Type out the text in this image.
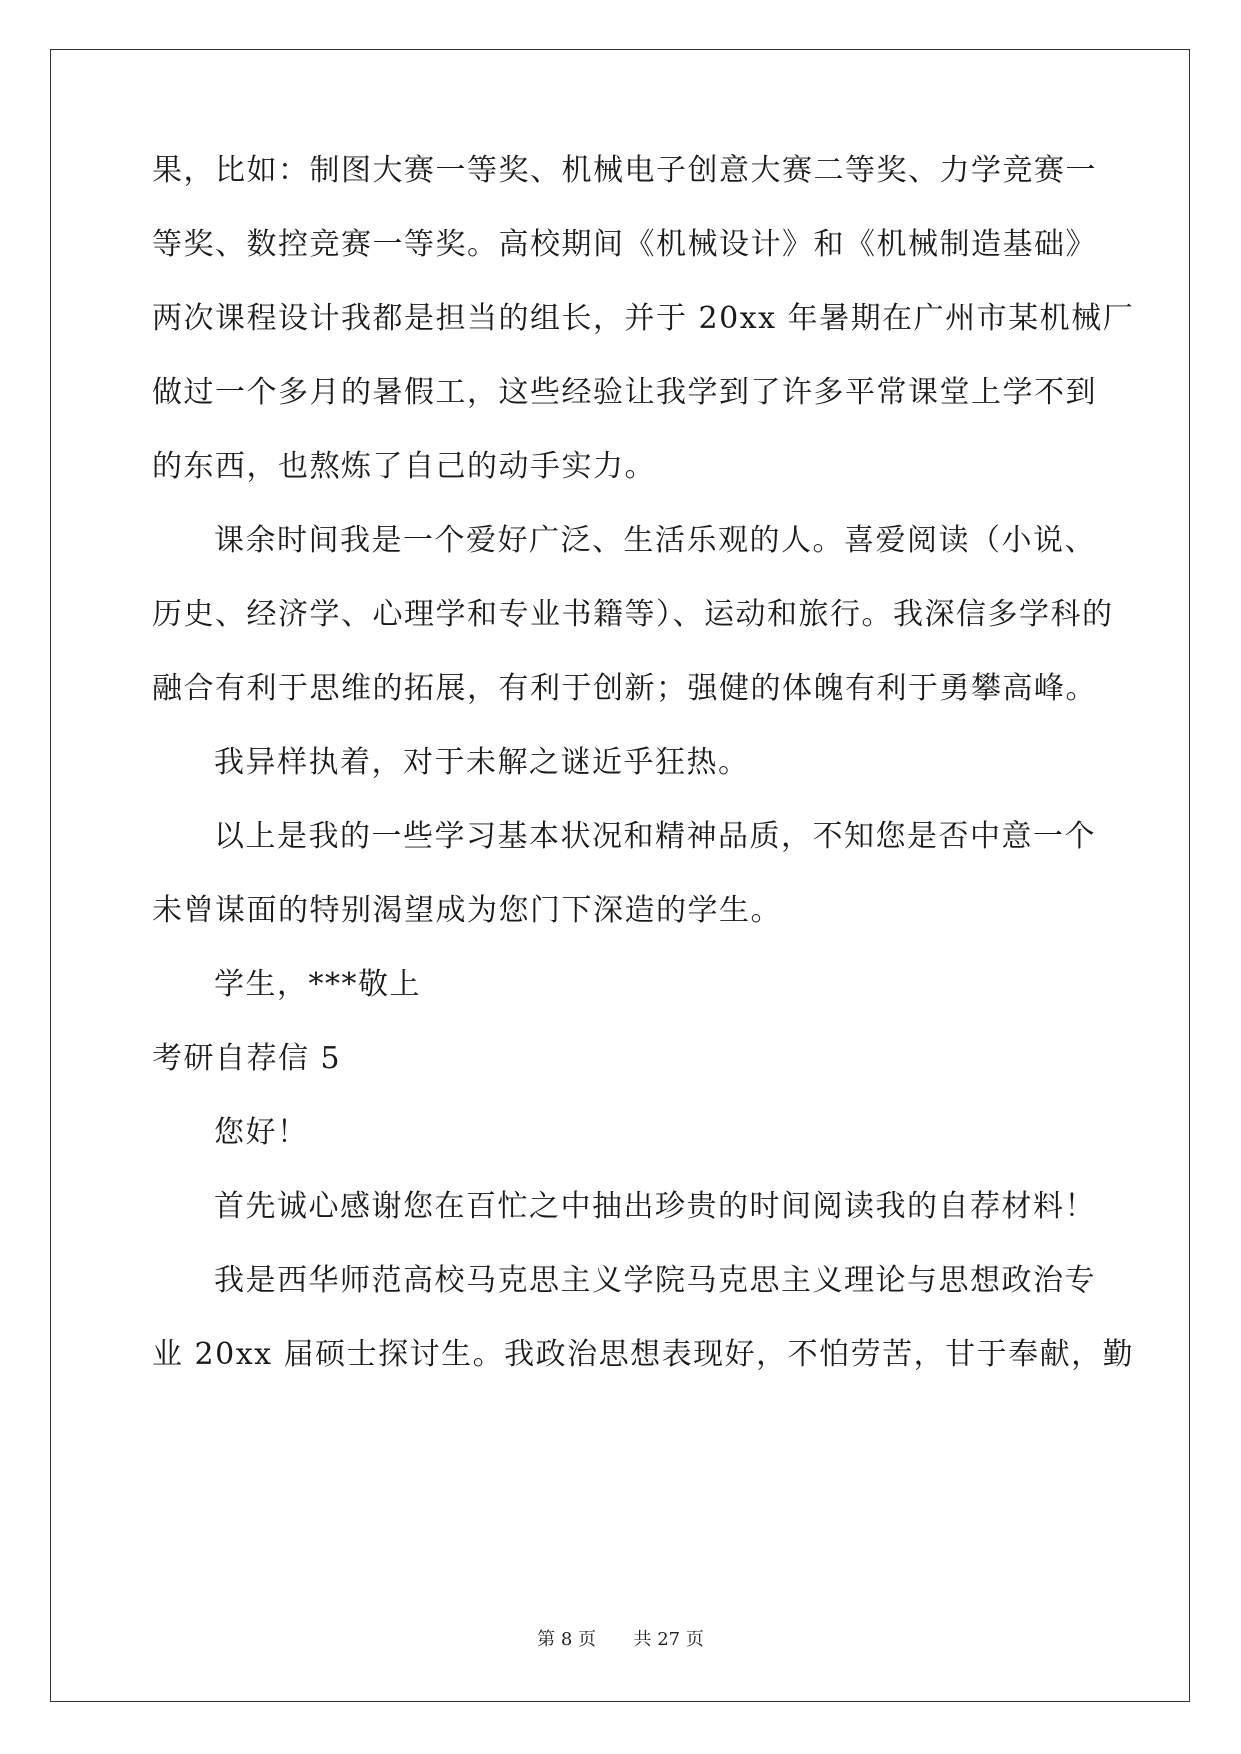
果，比如：制图大赛一等奖、机械电子创意大赛二等奖、力学竞赛一
等奖、数控竞赛一等奖。高校期间《机械设计》和《机械制造基础》
两次课程设计我都是担当的组长，并于 20xx 年暑期在广州市某机械厂
做过一个多月的暑假工，这些经验让我学到了许多平常课堂上学不到
的东西，也熬炼了自己的动手实力。
课余时间我是一个爱好广泛、生活乐观的人。喜爱阅读（小说、
历史、经济学、心理学和专业书籍等）、运动和旅行。我深信多学科的
融合有利于思维的拓展，有利于创新；强健的体魄有利于勇攀高峰。
我异样执着，对于未解之谜近乎狂热。
以上是我的一些学习基本状况和精神品质，不知您是否中意一个
未曾谋面的特别渴望成为您门下深造的学生。
学生，***敬上
考研自荐信 5
您好！
首先诚心感谢您在百忙之中抽出珍贵的时间阅读我的自荐材料！
我是西华师范高校马克思主义学院马克思主义理论与思想政治专
业 20xx 届硕士探讨生。我政治思想表现好，不怕劳苦，甘于奉献，勤
第 8 页 共 27 页
